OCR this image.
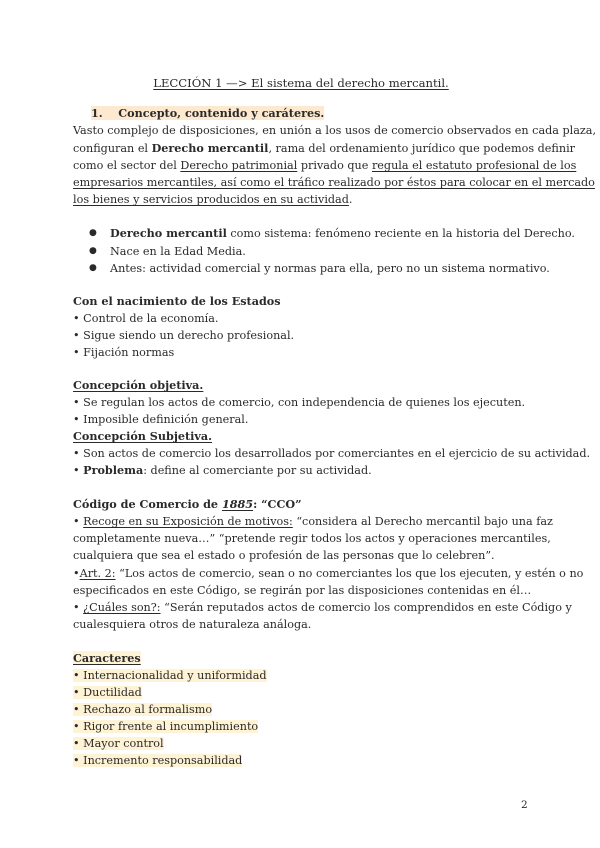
LECCIÓN 1 —> El sistema del derecho mercantil.
1. Concepto, contenido y caráteres.
Vasto complejo de disposiciones, en unión a los usos de comercio observados en cada plaza,
configuran el Derecho mercantil, rama del ordenamiento jurídico que podemos definir
como el sector del Derecho patrimonial privado que regula el estatuto profesional de los
empresarios mercantiles, así como el tráfico realizado por éstos para colocar en el mercado
los bienes y servicios producidos en su actividad.
● Derecho mercantil como sistema: fenómeno reciente en la historia del Derecho.
● Nace en la Edad Media.
● Antes: actividad comercial y normas para ella, pero no un sistema normativo.
Con el nacimiento de los Estados
• Control de la economía.
• Sigue siendo un derecho profesional.
• Fijación normas
Concepción objetiva.
• Se regulan los actos de comercio, con independencia de quienes los ejecuten.
• Imposible definición general.
Concepción Subjetiva.
• Son actos de comercio los desarrollados por comerciantes en el ejercicio de su actividad.
• Problema: define al comerciante por su actividad.
Código de Comercio de 1885: “CCO”
• Recoge en su Exposición de motivos: “considera al Derecho mercantil bajo una faz
completamente nueva…” “pretende regir todos los actos y operaciones mercantiles,
cualquiera que sea el estado o profesión de las personas que lo celebren”.
•Art. 2: “Los actos de comercio, sean o no comerciantes los que los ejecuten, y estén o no
especificados en este Código, se regirán por las disposiciones contenidas en él…
• ¿Cuáles son?: “Serán reputados actos de comercio los comprendidos en este Código y
cualesquiera otros de naturaleza análoga.
Caracteres
• Internacionalidad y uniformidad
• Ductilidad
• Rechazo al formalismo
• Rigor frente al incumplimiento
• Mayor control
• Incremento responsabilidad
2
